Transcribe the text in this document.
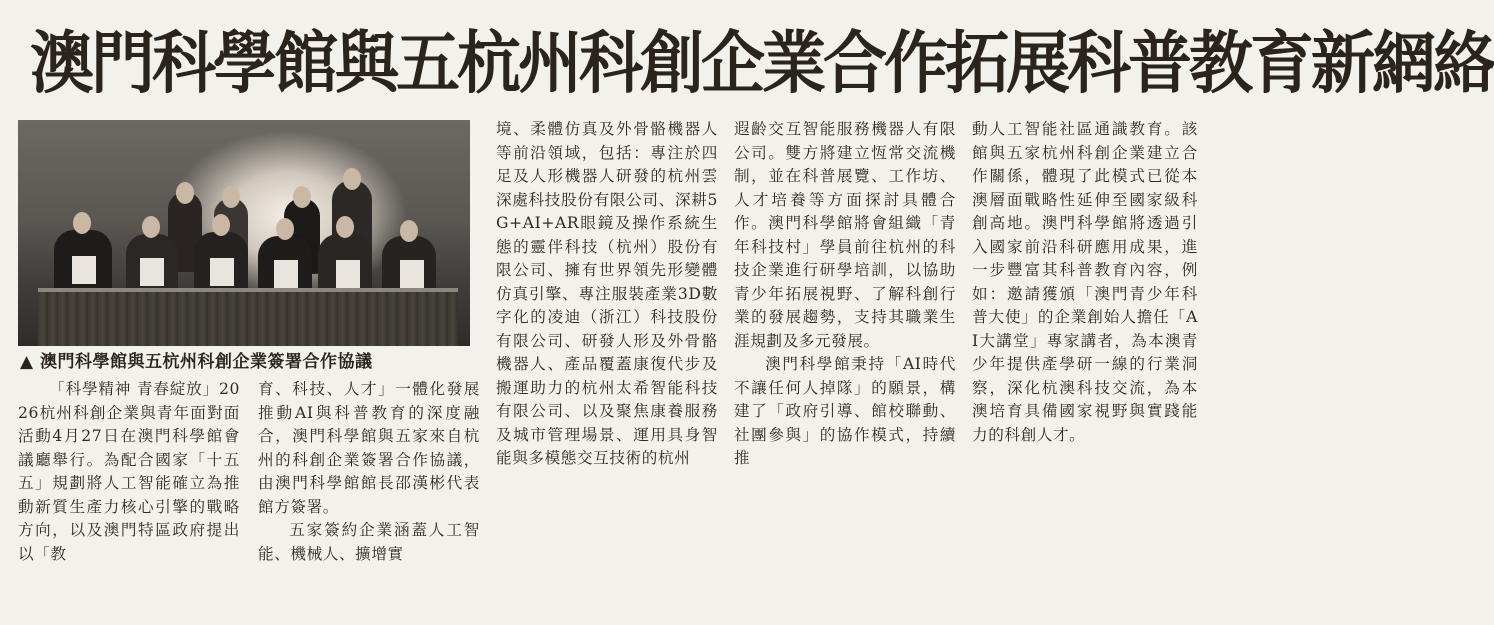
澳門科學館與五杭州科創企業合作拓展科普教育新網絡
▲ 澳門科學館與五杭州科創企業簽署合作協議

「科學精神 青春綻放」2026杭州科創企業與青年面對面活動4月27日在澳門科學館會議廳舉行。為配合國家「十五五」規劃將人工智能確立為推動新質生產力核心引擎的戰略方向，以及澳門特區政府提出以「教

育、科技、人才」一體化發展推動AI與科普教育的深度融合，澳門科學館與五家來自杭州的科創企業簽署合作協議，由澳門科學館館長邵漢彬代表館方簽署。

五家簽約企業涵蓋人工智能、機械人、擴增實

境、柔體仿真及外骨骼機器人等前沿領域，包括：專注於四足及人形機器人研發的杭州雲深處科技股份有限公司、深耕5G+AI+AR眼鏡及操作系統生態的靈伴科技（杭州）股份有限公司、擁有世界領先形變體仿真引擎、專注服裝產業3D數字化的凌迪（浙江）科技股份有限公司、研發人形及外骨骼機器人、產品覆蓋康復代步及搬運助力的杭州太希智能科技有限公司、以及聚焦康養服務及城市管理場景、運用具身智能與多模態交互技術的杭州

遐齡交互智能服務機器人有限公司。雙方將建立恆常交流機制，並在科普展覽、工作坊、人才培養等方面探討具體合作。澳門科學館將會組織「青年科技村」學員前往杭州的科技企業進行研學培訓，以協助青少年拓展視野、了解科創行業的發展趨勢，支持其職業生涯規劃及多元發展。

澳門科學館秉持「AI時代不讓任何人掉隊」的願景，構建了「政府引導、館校聯動、社團參與」的協作模式，持續推

動人工智能社區通識教育。該館與五家杭州科創企業建立合作關係，體現了此模式已從本澳層面戰略性延伸至國家級科創高地。澳門科學館將透過引入國家前沿科研應用成果，進一步豐富其科普教育內容，例如：邀請獲頒「澳門青少年科普大使」的企業創始人擔任「AI大講堂」專家講者，為本澳青少年提供產學研一線的行業洞察，深化杭澳科技交流，為本澳培育具備國家視野與實踐能力的科創人才。
